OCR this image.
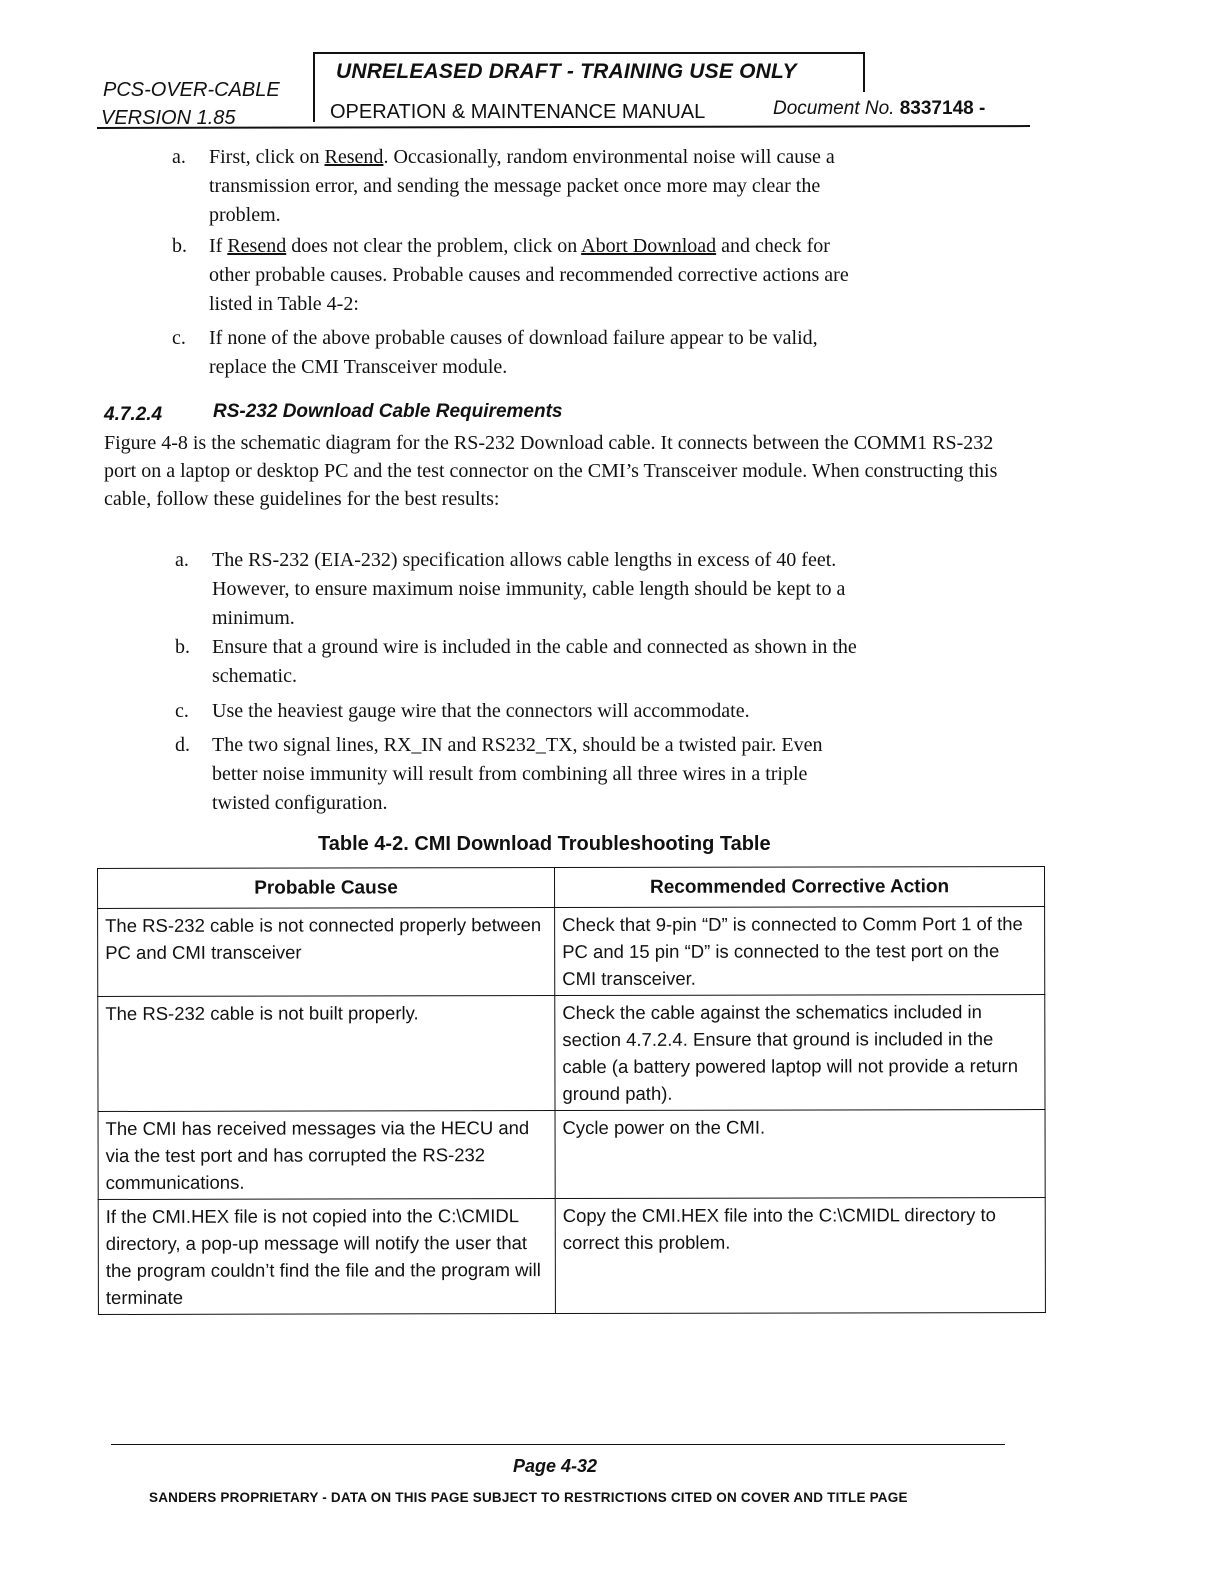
PCS-OVER-CABLE
VERSION 1.85
UNRELEASED DRAFT - TRAINING USE ONLY
OPERATION & MAINTENANCE MANUAL	Document No. 8337148 -
a. First, click on Resend. Occasionally, random environmental noise will cause a
transmission error, and sending the message packet once more may clear the
problem.
b. If Resend does not clear the problem, click on Abort Download and check for
other probable causes. Probable causes and recommended corrective actions are
listed in Table 4-2:
c. If none of the above probable causes of download failure appear to be valid,
replace the CMI Transceiver module.
4.7.2.4	RS-232 Download Cable Requirements
Figure 4-8 is the schematic diagram for the RS-232 Download cable. It connects between the COMM1 RS-232 port on a laptop or desktop PC and the test connector on the CMI’s Transceiver module. When constructing this cable, follow these guidelines for the best results:
a. The RS-232 (EIA-232) specification allows cable lengths in excess of 40 feet.
However, to ensure maximum noise immunity, cable length should be kept to a
minimum.
b. Ensure that a ground wire is included in the cable and connected as shown in the
schematic.
c. Use the heaviest gauge wire that the connectors will accommodate.
d. The two signal lines, RX_IN and RS232_TX, should be a twisted pair. Even
better noise immunity will result from combining all three wires in a triple
twisted configuration.
Table 4-2. CMI Download Troubleshooting Table
Probable Cause	Recommended Corrective Action
The RS-232 cable is not connected properly between PC and CMI transceiver	Check that 9-pin “D” is connected to Comm Port 1 of the PC and 15 pin “D” is connected to the test port on the CMI transceiver.
The RS-232 cable is not built properly.	Check the cable against the schematics included in section 4.7.2.4. Ensure that ground is included in the cable (a battery powered laptop will not provide a return ground path).
The CMI has received messages via the HECU and via the test port and has corrupted the RS-232 communications.	Cycle power on the CMI.
If the CMI.HEX file is not copied into the C:\CMIDL directory, a pop-up message will notify the user that the program couldn’t find the file and the program will terminate	Copy the CMI.HEX file into the C:\CMIDL directory to correct this problem.
Page 4-32
SANDERS PROPRIETARY - DATA ON THIS PAGE SUBJECT TO RESTRICTIONS CITED ON COVER AND TITLE PAGE
